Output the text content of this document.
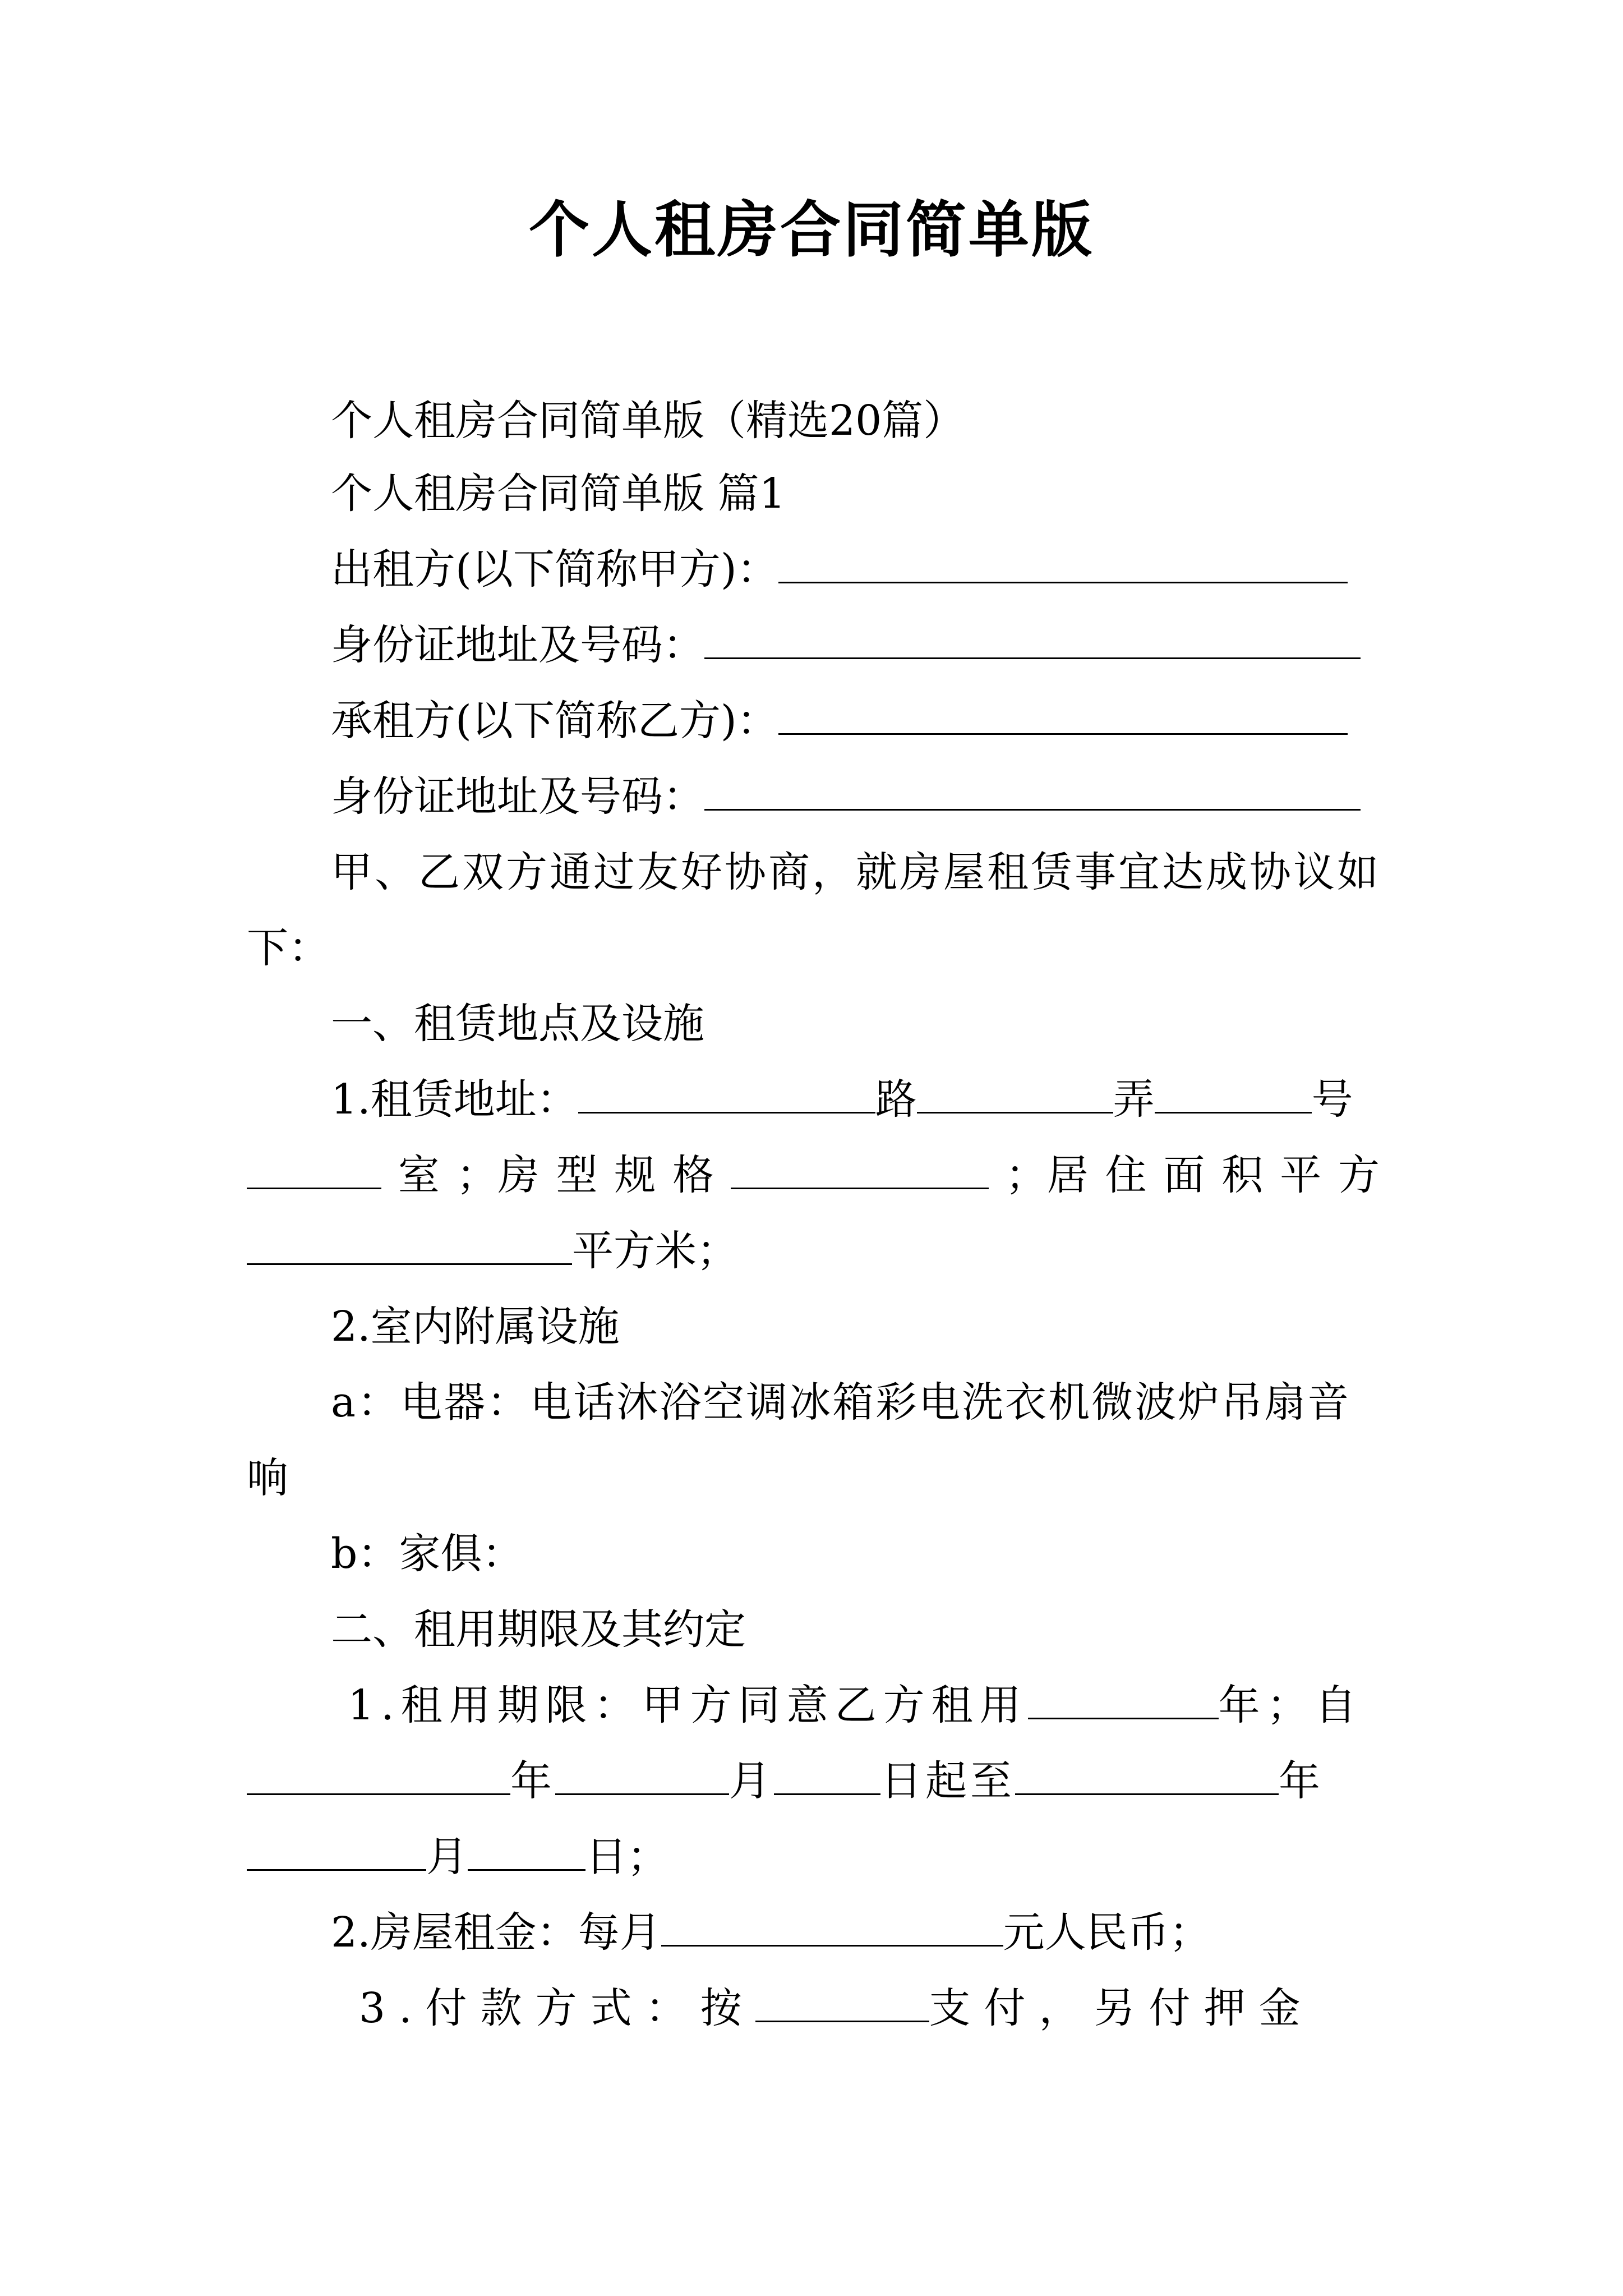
个人租房合同简单版
个人租房合同简单版（精选20篇）
个人租房合同简单版 篇1
出租方(以下简称甲方)：
身份证地址及号码：
承租方(以下简称乙方)：
身份证地址及号码：
甲、乙双方通过友好协商，就房屋租赁事宜达成协议如
下：
一、租赁地点及设施
1.租赁地址：	路	弄	号
室 ；房 型 规 格	；居 住 面 积 平 方
平方米；
2.室内附属设施
a：电器：电话沐浴空调冰箱彩电洗衣机微波炉吊扇音
响
b：家俱：
二、租用期限及其约定
1.租用期限：甲方同意乙方租用	年；自
年	月	日起至	年
月	日；
2.房屋租金：每月	元人民币；
3.付款方式：按	支付，另付押金
